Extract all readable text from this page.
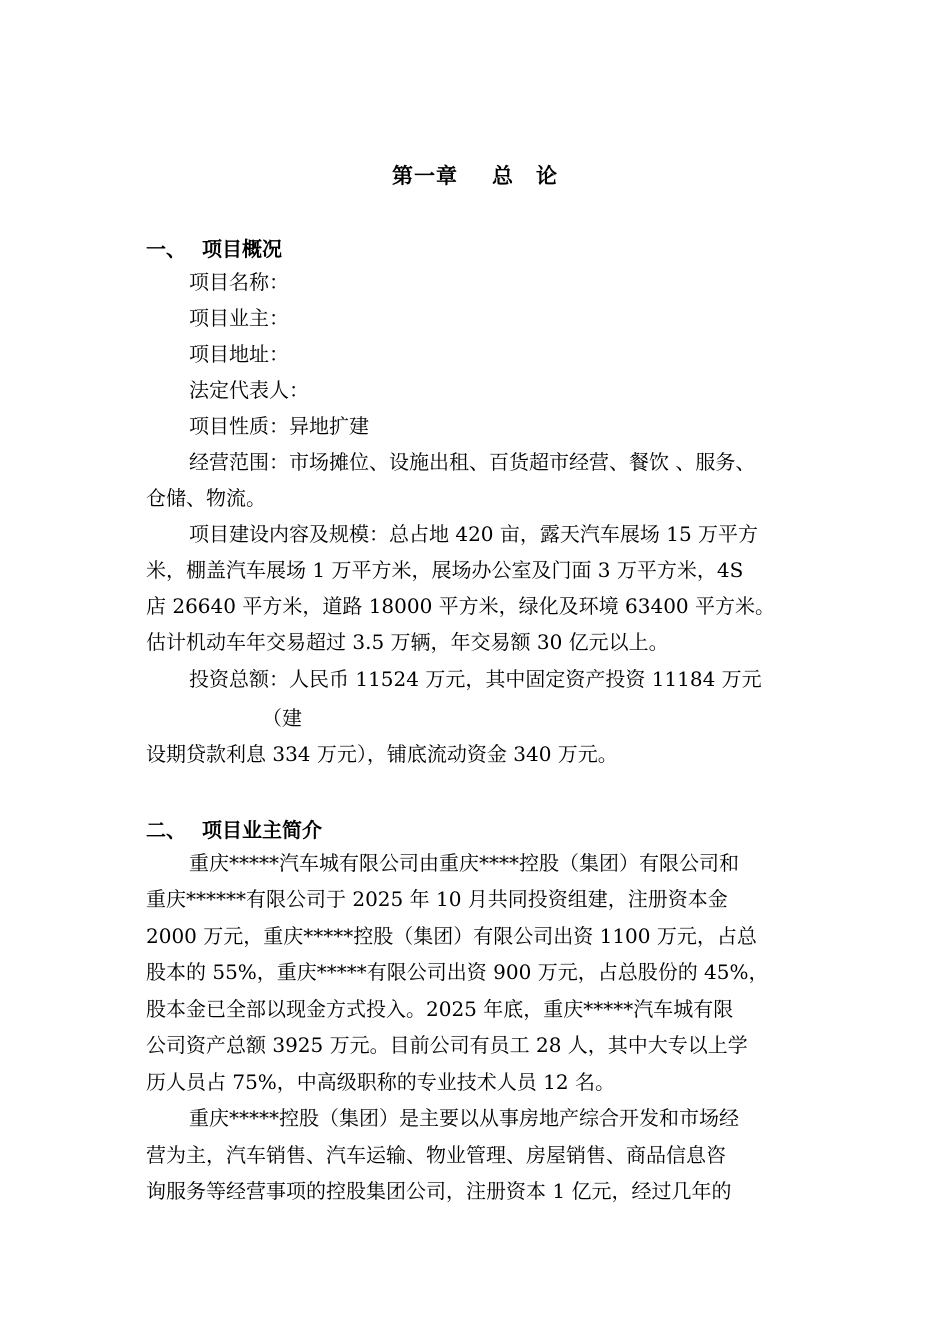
第一章 总　论
一、 项目概况
项目名称：
项目业主：
项目地址：
法定代表人：
项目性质：异地扩建
经营范围：市场摊位、设施出租、百货超市经营、餐饮 、服务、
仓储、物流。
项目建设内容及规模：总占地 420 亩，露天汽车展场 15 万平方
米，棚盖汽车展场 1 万平方米，展场办公室及门面 3 万平方米，4S
店 26640 平方米，道路 18000 平方米，绿化及环境 63400 平方米。
估计机动车年交易超过 3.5 万辆，年交易额 30 亿元以上。
投资总额：人民币 11524 万元，其中固定资产投资 11184 万元
（建
设期贷款利息 334 万元），铺底流动资金 340 万元。
二、 项目业主简介
重庆*****汽车城有限公司由重庆****控股（集团）有限公司和
重庆******有限公司于 2025 年 10 月共同投资组建，注册资本金
2000 万元，重庆*****控股（集团）有限公司出资 1100 万元，占总
股本的 55%，重庆*****有限公司出资 900 万元，占总股份的 45%，
股本金已全部以现金方式投入。2025 年底，重庆*****汽车城有限
公司资产总额 3925 万元。目前公司有员工 28 人，其中大专以上学
历人员占 75%，中高级职称的专业技术人员 12 名。
重庆*****控股（集团）是主要以从事房地产综合开发和市场经
营为主，汽车销售、汽车运输、物业管理、房屋销售、商品信息咨
询服务等经营事项的控股集团公司，注册资本 1 亿元，经过几年的
